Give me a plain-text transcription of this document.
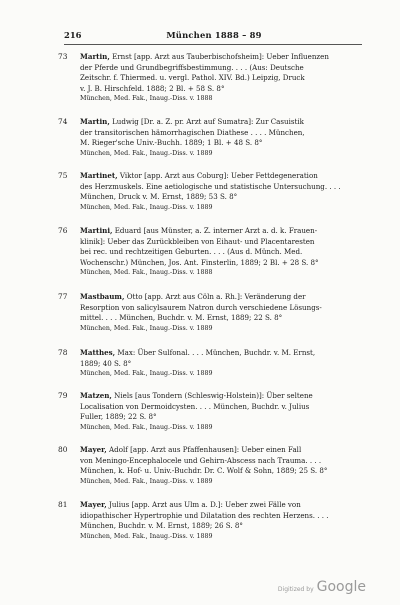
216	München 1888 – 89
73	Martin, Ernst [app. Arzt aus Tauberbischofsheim]: Ueber Influenzen
der Pferde und Grundbegriffsbestimmung. . . . (Aus: Deutsche
Zeitschr. f. Thiermed. u. vergl. Pathol. XIV. Bd.) Leipzig, Druck
v. J. B. Hirschfeld. 1888; 2 Bl. + 58 S. 8°
München, Med. Fak., Inaug.-Diss. v. 1888
74	Martin, Ludwig [Dr. a. Z. pr. Arzt auf Sumatra]: Zur Casuistik
der transitorischen hämorrhagischen Diathese . . . . München,
M. Rieger'sche Univ.-Buchh. 1889; 1 Bl. + 48 S. 8°
München, Med. Fak., Inaug.-Diss. v. 1889
75	Martinet, Viktor [app. Arzt aus Coburg]: Ueber Fettdegeneration
des Herzmuskels. Eine aetiologische und statistische Untersuchung. . . .
München, Druck v. M. Ernst, 1889; 53 S. 8°
München, Med. Fak., Inaug.-Diss. v. 1889
76	Martini, Eduard [aus Münster, a. Z. interner Arzt a. d. k. Frauen-
klinik]: Ueber das Zurückbleiben von Eihaut- und Placentaresten
bei rec. und rechtzeitigen Geburten. . . . (Aus d. Münch. Med.
Wochenschr.) München, Jos. Ant. Finsterlin, 1889; 2 Bl. + 28 S. 8°
München, Med. Fak., Inaug.-Diss. v. 1888
77	Mastbaum, Otto [app. Arzt aus Cöln a. Rh.]: Veränderung der
Resorption von salicylsaurem Natron durch verschiedene Lösungs-
mittel. . . . München, Buchdr. v. M. Ernst, 1889; 22 S. 8°
München, Med. Fak., Inaug.-Diss. v. 1889
78	Matthes, Max: Über Sulfonal. . . . München, Buchdr. v. M. Ernst,
1889; 40 S. 8°
München, Med. Fak., Inaug.-Diss. v. 1889
79	Matzen, Niels [aus Tondern (Schleswig-Holstein)]: Über seltene
Localisation von Dermoidcysten. . . . München, Buchdr. v. Julius
Fuller, 1889; 22 S. 8°
München, Med. Fak., Inaug.-Diss. v. 1889
80	Mayer, Adolf [app. Arzt aus Pfaffenhausen]: Ueber einen Fall
von Meningo-Encephalocele und Gehirn-Abscess nach Trauma. . . .
München, k. Hof- u. Univ.-Buchdr. Dr. C. Wolf & Sohn, 1889; 25 S. 8°
München, Med. Fak., Inaug.-Diss. v. 1889
81	Mayer, Julius [app. Arzt aus Ulm a. D.]: Ueber zwei Fälle von
idiopathischer Hypertrophie und Dilatation des rechten Herzens. . . .
München, Buchdr. v. M. Ernst, 1889; 26 S. 8°
München, Med. Fak., Inaug.-Diss. v. 1889
Digitized by Google
